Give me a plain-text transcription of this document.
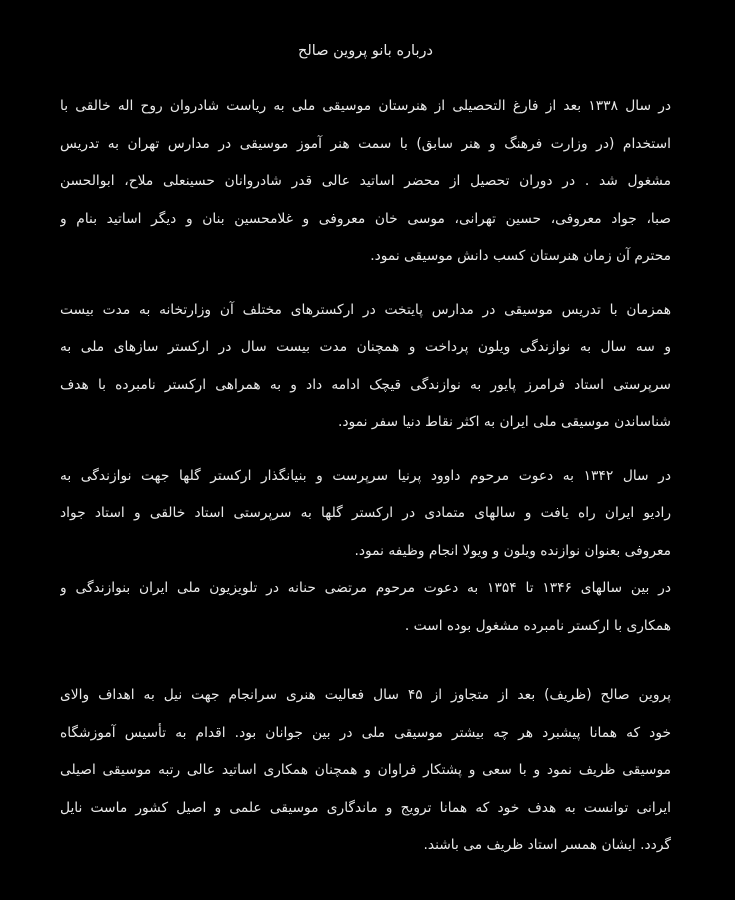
درباره بانو پروین صالح
در سال ۱۳۳۸ بعد از فارغ التحصیلی از هنرستان موسیقی ملی به ریاست شادروان روح اله خالقی با
استخدام (در وزارت فرهنگ و هنر سابق) با سمت هنر آموز موسیقی در مدارس تهران به تدریس
مشغول شد . در دوران تحصیل از محضر اساتید عالی قدر شادروانان حسینعلی ملاح، ابوالحسن
صبا، جواد معروفی، حسین تهرانی، موسی خان معروفی و غلامحسین بنان و دیگر اساتید بنام و
محترم آن زمان هنرستان کسب دانش موسیقی نمود.
همزمان با تدریس موسیقی در مدارس پایتخت در ارکسترهای مختلف آن وزارتخانه به مدت بیست
و سه سال به نوازندگی ویلون پرداخت و همچنان مدت بیست سال در ارکستر سازهای ملی به
سرپرستی استاد فرامرز پایور به نوازندگی قیچک ادامه داد و به همراهی ارکستر نامبرده با هدف
شناساندن موسیقی ملی ایران به اکثر نقاط دنیا سفر نمود.
در سال ۱۳۴۲ به دعوت مرحوم داوود پرنیا سرپرست و بنیانگذار ارکستر گلها جهت نوازندگی به
رادیو ایران راه یافت و سالهای متمادی در ارکستر گلها به سرپرستی استاد خالقی و استاد جواد
معروفی بعنوان نوازنده ویلون و ویولا انجام وظیفه نمود.
در بین سالهای ۱۳۴۶ تا ۱۳۵۴ به دعوت مرحوم مرتضی حنانه در تلویزیون ملی ایران بنوازندگی و
همکاری با ارکستر نامبرده مشغول بوده است .
پروین صالح (ظریف) بعد از متجاوز از ۴۵ سال فعالیت هنری سرانجام جهت نیل به اهداف والای
خود که همانا پیشبرد هر چه بیشتر موسیقی ملی در بین جوانان بود. اقدام به تأسیس آموزشگاه
موسیقی ظریف نمود و با سعی و پشتکار فراوان و همچنان همکاری اساتید عالی رتبه موسیقی اصیلی
ایرانی توانست به هدف خود که همانا ترویج و ماندگاری موسیقی علمی و اصیل کشور ماست نایل
گردد. ایشان همسر استاد ظریف می باشند.
